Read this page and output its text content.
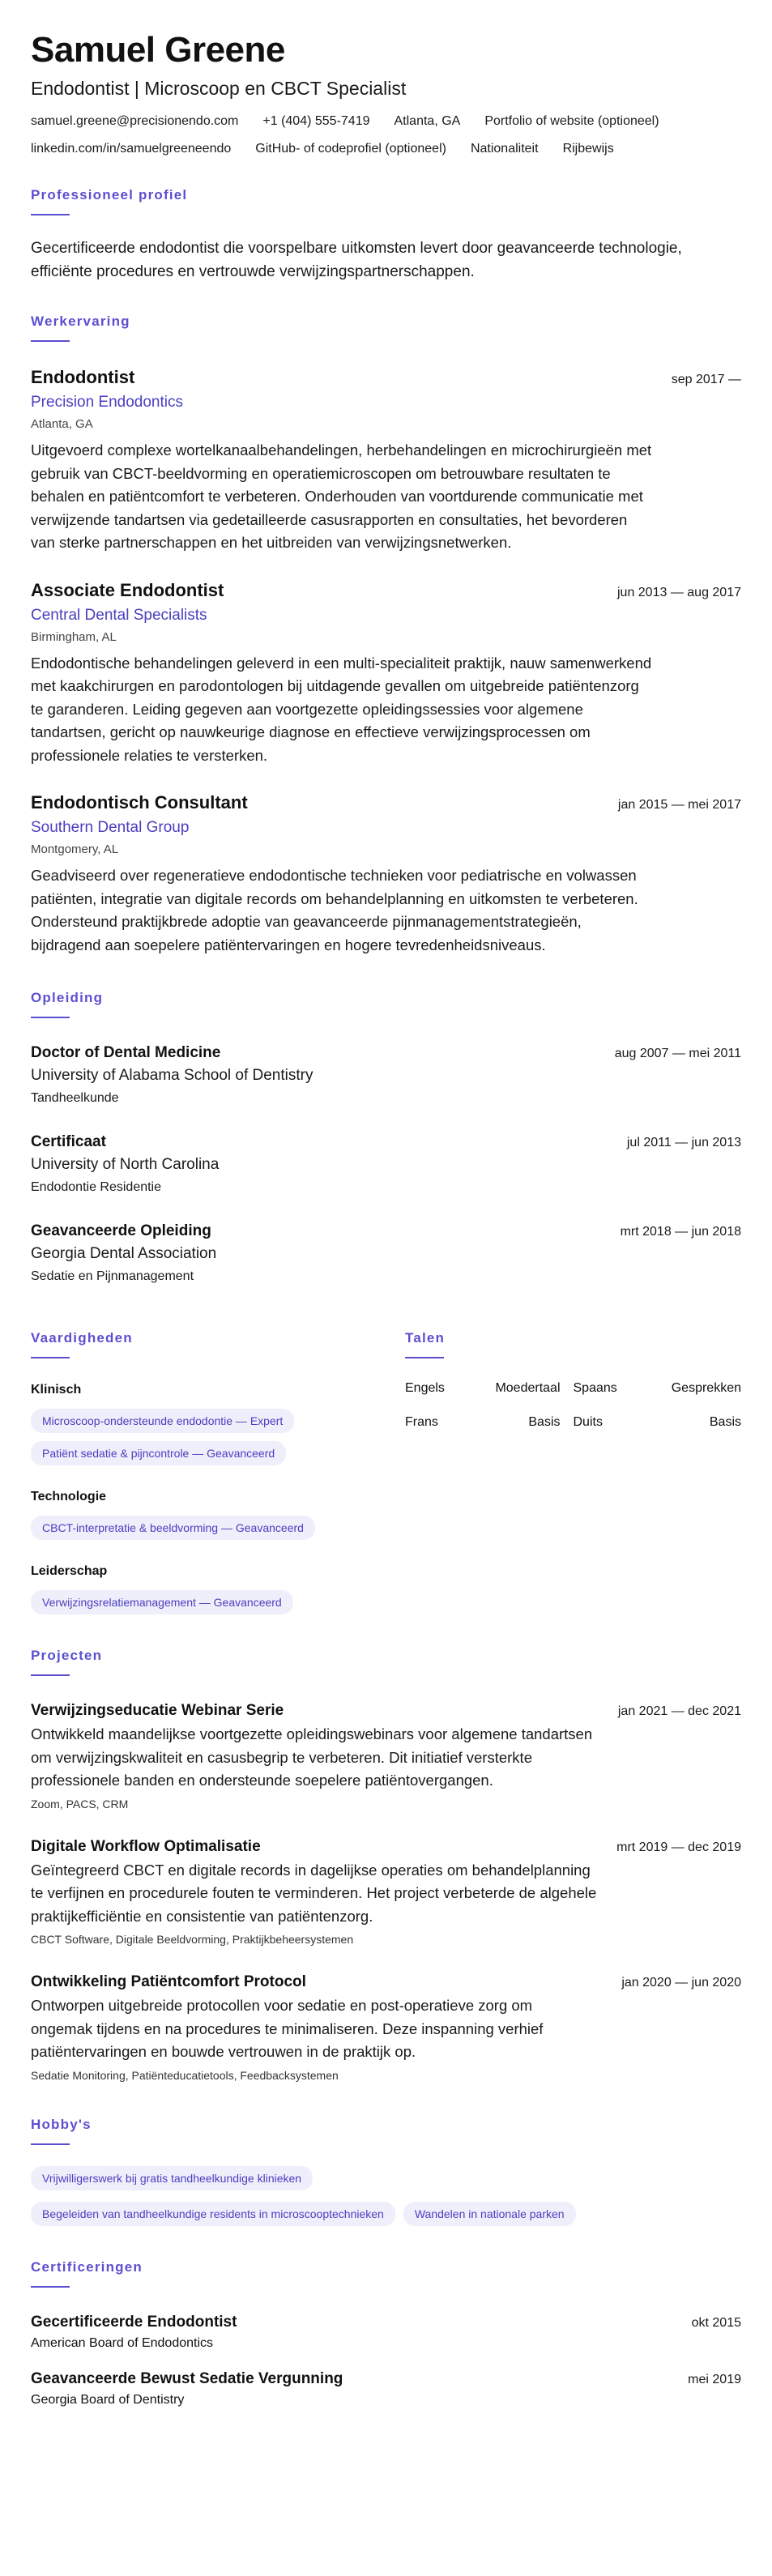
Samuel Greene
Endodontist | Microscoop en CBCT Specialist
samuel.greene@precisionendo.com +1 (404) 555-7419 Atlanta, GA Portfolio of website (optioneel)
linkedin.com/in/samuelgreeneendo GitHub- of codeprofiel (optioneel) Nationaliteit Rijbewijs
Professioneel profiel
Gecertificeerde endodontist die voorspelbare uitkomsten levert door geavanceerde technologie, efficiënte procedures en vertrouwde verwijzingspartnerschappen.
Werkervaring
Endodontist	sep 2017 —
Precision Endodontics
Atlanta, GA
Uitgevoerd complexe wortelkanaalbehandelingen, herbehandelingen en microchirurgieën met gebruik van CBCT-beeldvorming en operatiemicroscopen om betrouwbare resultaten te behalen en patiëntcomfort te verbeteren. Onderhouden van voortdurende communicatie met verwijzende tandartsen via gedetailleerde casusrapporten en consultaties, het bevorderen van sterke partnerschappen en het uitbreiden van verwijzingsnetwerken.
Associate Endodontist	jun 2013 — aug 2017
Central Dental Specialists
Birmingham, AL
Endodontische behandelingen geleverd in een multi-specialiteit praktijk, nauw samenwerkend met kaakchirurgen en parodontologen bij uitdagende gevallen om uitgebreide patiëntenzorg te garanderen. Leiding gegeven aan voortgezette opleidingssessies voor algemene tandartsen, gericht op nauwkeurige diagnose en effectieve verwijzingsprocessen om professionele relaties te versterken.
Endodontisch Consultant	jan 2015 — mei 2017
Southern Dental Group
Montgomery, AL
Geadviseerd over regeneratieve endodontische technieken voor pediatrische en volwassen patiënten, integratie van digitale records om behandelplanning en uitkomsten te verbeteren. Ondersteund praktijkbrede adoptie van geavanceerde pijnmanagementstrategieën, bijdragend aan soepelere patiëntervaringen en hogere tevredenheidsniveaus.
Opleiding
Doctor of Dental Medicine	aug 2007 — mei 2011
University of Alabama School of Dentistry
Tandheelkunde
Certificaat	jul 2011 — jun 2013
University of North Carolina
Endodontie Residentie
Geavanceerde Opleiding	mrt 2018 — jun 2018
Georgia Dental Association
Sedatie en Pijnmanagement
Vaardigheden
Klinisch
Microscoop-ondersteunde endodontie — Expert
Patiënt sedatie & pijncontrole — Geavanceerd
Technologie
CBCT-interpretatie & beeldvorming — Geavanceerd
Leiderschap
Verwijzingsrelatiemanagement — Geavanceerd
Talen
Engels	Moedertaal	Spaans	Gesprekken
Frans	Basis	Duits	Basis
Projecten
Verwijzingseducatie Webinar Serie	jan 2021 — dec 2021
Ontwikkeld maandelijkse voortgezette opleidingswebinars voor algemene tandartsen om verwijzingskwaliteit en casusbegrip te verbeteren. Dit initiatief versterkte professionele banden en ondersteunde soepelere patiëntovergangen.
Zoom, PACS, CRM
Digitale Workflow Optimalisatie	mrt 2019 — dec 2019
Geïntegreerd CBCT en digitale records in dagelijkse operaties om behandelplanning te verfijnen en procedurele fouten te verminderen. Het project verbeterde de algehele praktijkefficiëntie en consistentie van patiëntenzorg.
CBCT Software, Digitale Beeldvorming, Praktijkbeheersystemen
Ontwikkeling Patiëntcomfort Protocol	jan 2020 — jun 2020
Ontworpen uitgebreide protocollen voor sedatie en post-operatieve zorg om ongemak tijdens en na procedures te minimaliseren. Deze inspanning verhief patiëntervaringen en bouwde vertrouwen in de praktijk op.
Sedatie Monitoring, Patiënteducatietools, Feedbacksystemen
Hobby's
Vrijwilligerswerk bij gratis tandheelkundige klinieken
Begeleiden van tandheelkundige residents in microscooptechnieken	Wandelen in nationale parken
Certificeringen
Gecertificeerde Endodontist	okt 2015
American Board of Endodontics
Geavanceerde Bewust Sedatie Vergunning	mei 2019
Georgia Board of Dentistry
